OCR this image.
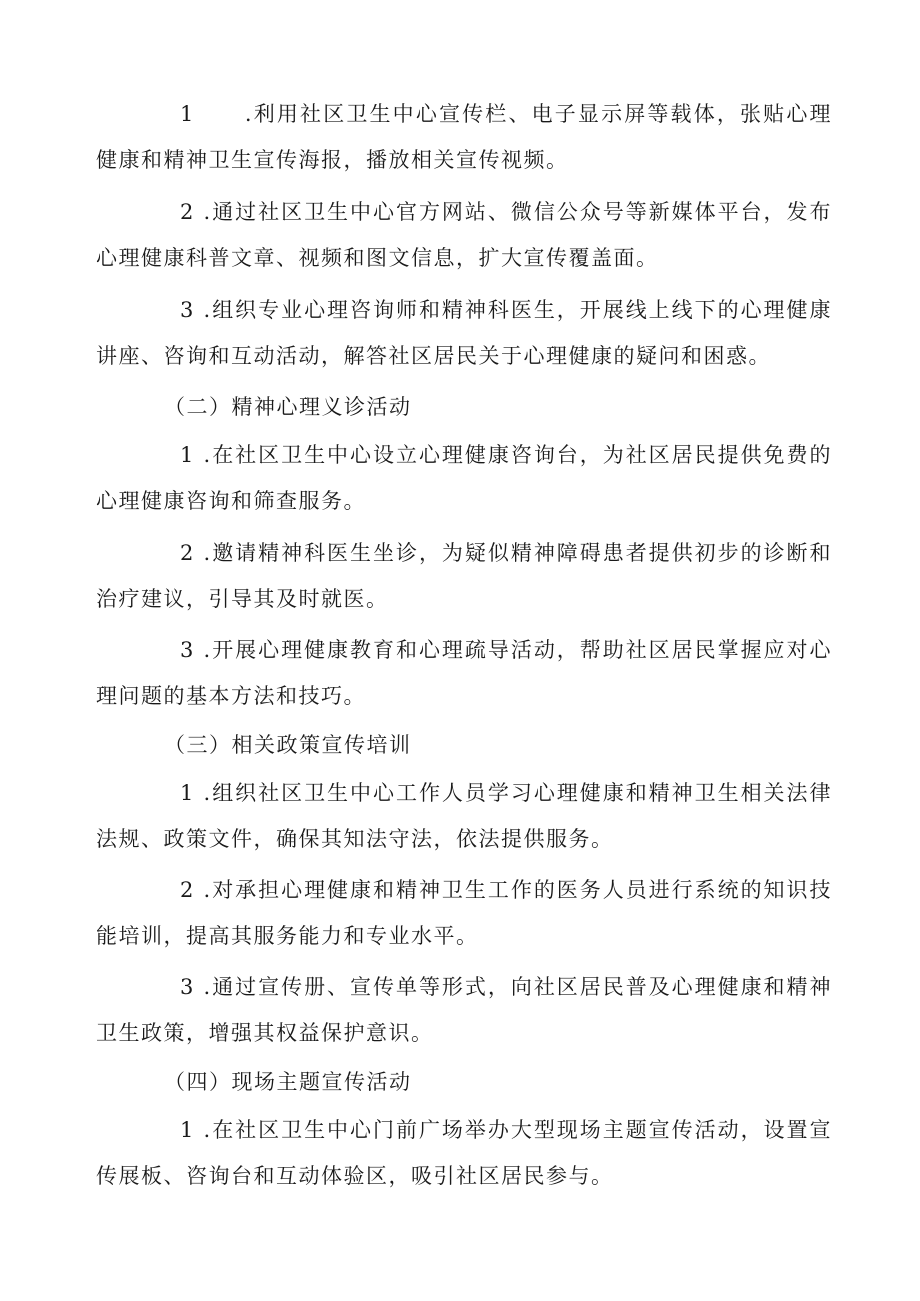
1 .利用社区卫生中心宣传栏、电子显示屏等载体，张贴心理健康和精神卫生宣传海报，播放相关宣传视频。
2 .通过社区卫生中心官方网站、微信公众号等新媒体平台，发布心理健康科普文章、视频和图文信息，扩大宣传覆盖面。
3 .组织专业心理咨询师和精神科医生，开展线上线下的心理健康讲座、咨询和互动活动，解答社区居民关于心理健康的疑问和困惑。
（二）精神心理义诊活动
1 .在社区卫生中心设立心理健康咨询台，为社区居民提供免费的心理健康咨询和筛查服务。
2 .邀请精神科医生坐诊，为疑似精神障碍患者提供初步的诊断和治疗建议，引导其及时就医。
3 .开展心理健康教育和心理疏导活动，帮助社区居民掌握应对心理问题的基本方法和技巧。
（三）相关政策宣传培训
1 .组织社区卫生中心工作人员学习心理健康和精神卫生相关法律法规、政策文件，确保其知法守法，依法提供服务。
2 .对承担心理健康和精神卫生工作的医务人员进行系统的知识技能培训，提高其服务能力和专业水平。
3 .通过宣传册、宣传单等形式，向社区居民普及心理健康和精神卫生政策，增强其权益保护意识。
（四）现场主题宣传活动
1 .在社区卫生中心门前广场举办大型现场主题宣传活动，设置宣传展板、咨询台和互动体验区，吸引社区居民参与。
